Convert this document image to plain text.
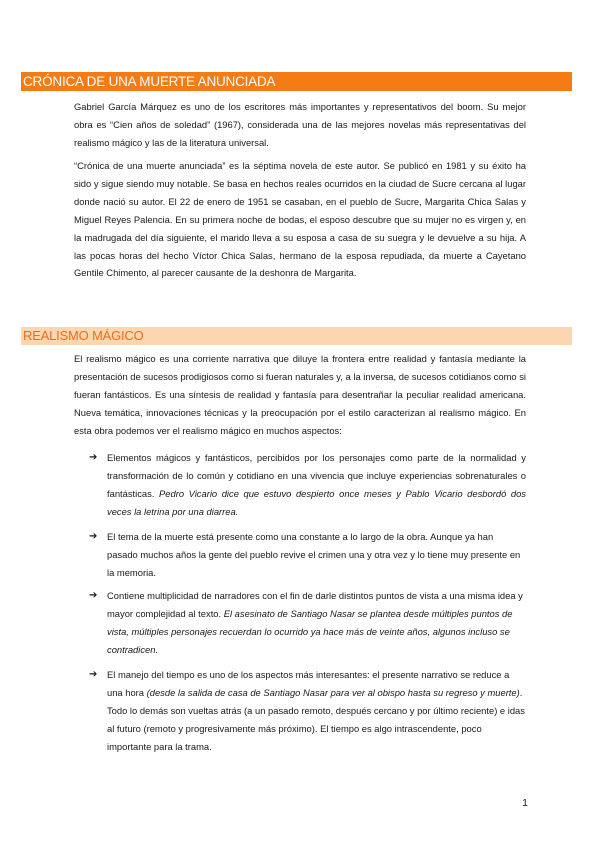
CRÓNICA DE UNA MUERTE ANUNCIADA

Gabriel García Márquez es uno de los escritores más importantes y representativos del boom. Su mejor obra es “Cien años de soledad” (1967), considerada una de las mejores novelas más representativas del realismo mágico y las de la literatura universal.

“Crónica de una muerte anunciada” es la séptima novela de este autor. Se publicó en 1981 y su éxito ha sido y sigue siendo muy notable. Se basa en hechos reales ocurridos en la ciudad de Sucre cercana al lugar donde nació su autor. El 22 de enero de 1951 se casaban, en el pueblo de Sucre, Margarita Chica Salas y Miguel Reyes Palencia. En su primera noche de bodas, el esposo descubre que su mujer no es virgen y, en la madrugada del día siguiente, el marido lleva a su esposa a casa de su suegra y le devuelve a su hija. A las pocas horas del hecho Víctor Chica Salas, hermano de la esposa repudiada, da muerte a Cayetano Gentile Chimento, al parecer causante de la deshonra de Margarita.

REALISMO MÁGICO

El realismo mágico es una corriente narrativa que diluye la frontera entre realidad y fantasía mediante la presentación de sucesos prodigiosos como si fueran naturales y, a la inversa, de sucesos cotidianos como si fueran fantásticos. Es una síntesis de realidad y fantasía para desentrañar la peculiar realidad americana. Nueva temática, innovaciones técnicas y la preocupación por el estilo caracterizan al realismo mágico. En esta obra podemos ver el realismo mágico en muchos aspectos:

➔	Elementos mágicos y fantásticos, percibidos por los personajes como parte de la normalidad y transformación de lo común y cotidiano en una vivencia que incluye experiencias sobrenaturales o fantásticas. Pedro Vicario dice que estuvo despierto once meses y Pablo Vicario desbordó dos veces la letrina por una diarrea.

➔	El tema de la muerte está presente como una constante a lo largo de la obra. Aunque ya han pasado muchos años la gente del pueblo revive el crimen una y otra vez y lo tiene muy presente en la memoria.

➔	Contiene multiplicidad de narradores con el fin de darle distintos puntos de vista a una misma idea y mayor complejidad al texto. El asesinato de Santiago Nasar se plantea desde múltiples puntos de vista, múltiples personajes recuerdan lo ocurrido ya hace más de veinte años, algunos incluso se contradicen.

➔	El manejo del tiempo es uno de los aspectos más interesantes: el presente narrativo se reduce a una hora (desde la salida de casa de Santiago Nasar para ver al obispo hasta su regreso y muerte). Todo lo demás son vueltas atrás (a un pasado remoto, después cercano y por último reciente) e idas al futuro (remoto y progresivamente más próximo). El tiempo es algo intrascendente, poco importante para la trama.

1
